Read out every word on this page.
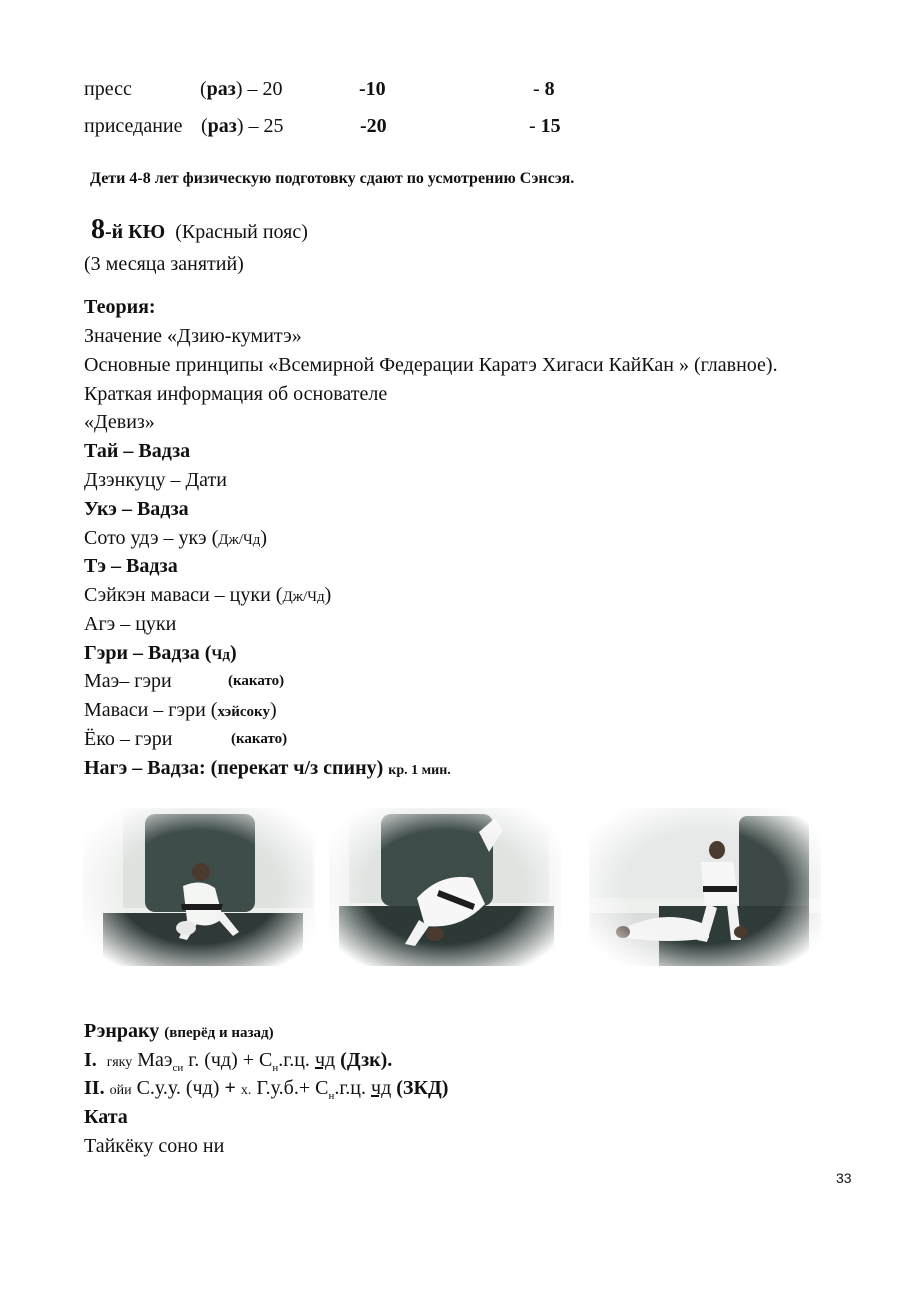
пресс	(раз) – 20	-10	- 8
приседание (раз) – 25	-20	- 15
Дети 4-8 лет физическую подготовку сдают по усмотрению Сэнсэя.
8-й КЮ (Красный пояс)
(3 месяца занятий)
Теория:
Значение «Дзию-кумитэ»
Основные принципы «Всемирной Федерации Каратэ Хигаси КайКан » (главное).
Краткая информация об основателе
«Девиз»
Тай – Вадза
Дзэнкуцу – Дати
Укэ – Вадза
Сото удэ – укэ (Дж/Чд)
Тэ – Вадза
Сэйкэн маваси – цуки (Дж/Чд)
Агэ – цуки
Гэри – Вадза (Чд)
Маэ– гэри	(какато)
Маваси – гэри (хэйсоку)
Ёко – гэри	(какато)
Нагэ – Вадза: (перекат ч/з спину) кр. 1 мин.
Рэнраку (вперёд и назад)
I. гяку Маэ$_{си}$ г. $(чд) + С_н.г.ц$. чд (Дзк).
II. ойи С.у.у. (чд) + х. $Г.у.б.+ С_н.г.ц$. чд (ЗКД)
Ката
Тайкёку соно ни
33
